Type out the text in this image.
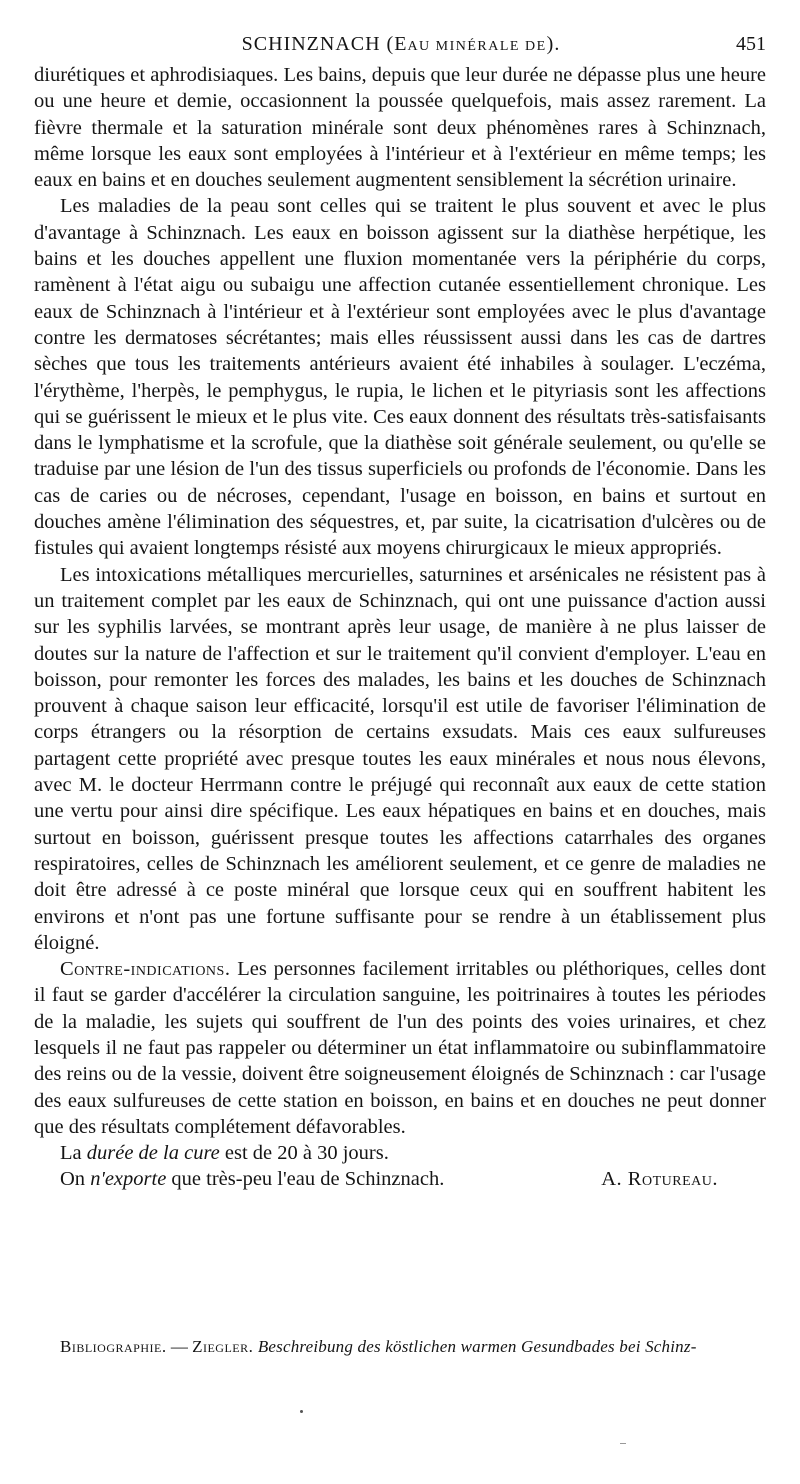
SCHINZNACH (EAU MINÉRALE DE).	451

diurétiques et aphrodisiaques. Les bains, depuis que leur durée ne dépasse plus une heure ou une heure et demie, occasionnent la poussée quelquefois, mais assez rarement. La fièvre thermale et la saturation minérale sont deux phénomènes rares à Schinznach, même lorsque les eaux sont employées à l'intérieur et à l'extérieur en même temps; les eaux en bains et en douches seulement augmentent sensiblement la sécrétion urinaire.

Les maladies de la peau sont celles qui se traitent le plus souvent et avec le plus d'avantage à Schinznach. Les eaux en boisson agissent sur la diathèse herpétique, les bains et les douches appellent une fluxion momentanée vers la périphérie du corps, ramènent à l'état aigu ou subaigu une affection cutanée essentiellement chronique. Les eaux de Schinznach à l'intérieur et à l'extérieur sont employées avec le plus d'avantage contre les dermatoses sécrétantes; mais elles réussissent aussi dans les cas de dartres sèches que tous les traitements antérieurs avaient été inhabiles à soulager. L'eczéma, l'érythème, l'herpès, le pemphygus, le rupia, le lichen et le pityriasis sont les affections qui se guérissent le mieux et le plus vite. Ces eaux donnent des résultats très-satisfaisants dans le lymphatisme et la scrofule, que la diathèse soit générale seulement, ou qu'elle se traduise par une lésion de l'un des tissus superficiels ou profonds de l'économie. Dans les cas de caries ou de nécroses, cependant, l'usage en boisson, en bains et surtout en douches amène l'élimination des séquestres, et, par suite, la cicatrisation d'ulcères ou de fistules qui avaient longtemps résisté aux moyens chirurgicaux le mieux appropriés.

Les intoxications métalliques mercurielles, saturnines et arsénicales ne résistent pas à un traitement complet par les eaux de Schinznach, qui ont une puissance d'action aussi sur les syphilis larvées, se montrant après leur usage, de manière à ne plus laisser de doutes sur la nature de l'affection et sur le traitement qu'il convient d'employer. L'eau en boisson, pour remonter les forces des malades, les bains et les douches de Schinznach prouvent à chaque saison leur efficacité, lorsqu'il est utile de favoriser l'élimination de corps étrangers ou la résorption de certains exsudats. Mais ces eaux sulfureuses partagent cette propriété avec presque toutes les eaux minérales et nous nous élevons, avec M. le docteur Herrmann contre le préjugé qui reconnaît aux eaux de cette station une vertu pour ainsi dire spécifique. Les eaux hépatiques en bains et en douches, mais surtout en boisson, guérissent presque toutes les affections catarrhales des organes respiratoires, celles de Schinznach les améliorent seulement, et ce genre de maladies ne doit être adressé à ce poste minéral que lorsque ceux qui en souffrent habitent les environs et n'ont pas une fortune suffisante pour se rendre à un établissement plus éloigné.

Contre-indications. Les personnes facilement irritables ou pléthoriques, celles dont il faut se garder d'accélérer la circulation sanguine, les poitrinaires à toutes les périodes de la maladie, les sujets qui souffrent de l'un des points des voies urinaires, et chez lesquels il ne faut pas rappeler ou déterminer un état inflammatoire ou subinflammatoire des reins ou de la vessie, doivent être soigneusement éloignés de Schinznach : car l'usage des eaux sulfureuses de cette station en boisson, en bains et en douches ne peut donner que des résultats complétement défavorables.

La durée de la cure est de 20 à 30 jours.

On n'exporte que très-peu l'eau de Schinznach.	A. Rotureau.

Bibliographie. — Ziegler. Beschreibung des köstlichen warmen Gesundbades bei Schinz-
